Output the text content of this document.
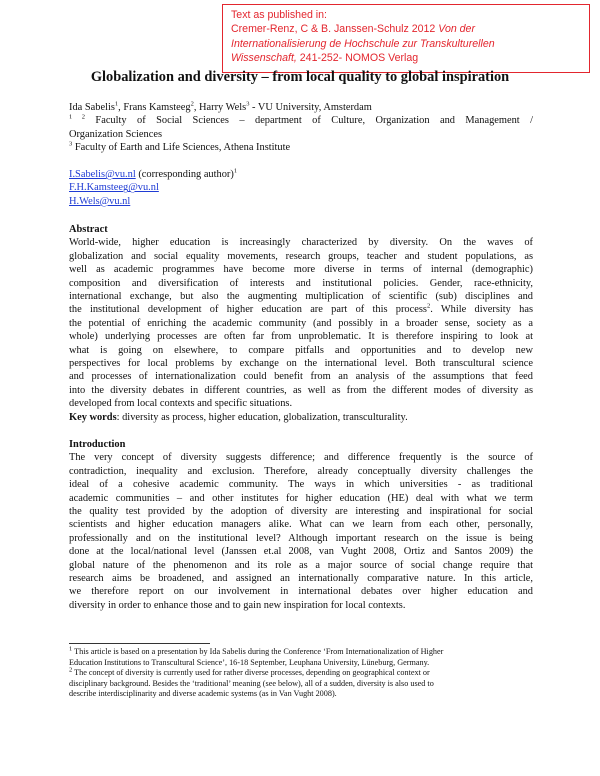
Text as published in:
Cremer-Renz, C & B. Janssen-Schulz 2012 Von der
Internationalisierung de Hochschule zur Transkulturellen
Wissenschaft, 241-252- NOMOS Verlag
Globalization and diversity – from local quality to global inspiration
Ida Sabelis$^1$, Frans Kamsteeg$^2$, Harry Wels$^3$ - VU University, Amsterdam
$^{1 2}$ Faculty of Social Sciences – department of Culture, Organization and Management /
Organization Sciences
$^3$ Faculty of Earth and Life Sciences, Athena Institute
I.Sabelis@vu.nl (corresponding author)$^1$
F.H.Kamsteeg@vu.nl
H.Wels@vu.nl
Abstract
World-wide, higher education is increasingly characterized by diversity. On the waves of
globalization and social equality movements, research groups, teacher and student populations, as
well as academic programmes have become more diverse in terms of internal (demographic)
composition and diversification of interests and institutional policies. Gender, race-ethnicity,
international exchange, but also the augmenting multiplication of scientific (sub) disciplines and
the institutional development of higher education are part of this process$^2$. While diversity has
the potential of enriching the academic community (and possibly in a broader sense, society as a
whole) underlying processes are often far from unproblematic. It is therefore inspiring to look at
what is going on elsewhere, to compare pitfalls and opportunities and to develop new
perspectives for local problems by exchange on the international level. Both transcultural science
and processes of internationalization could benefit from an analysis of the assumptions that feed
into the diversity debates in different countries, as well as from the different modes of diversity as
developed from local contexts and specific situations.
Key words: diversity as process, higher education, globalization, transculturality.
Introduction
The very concept of diversity suggests difference; and difference frequently is the source of
contradiction, inequality and exclusion. Therefore, already conceptually diversity challenges the
ideal of a cohesive academic community. The ways in which universities - as traditional
academic communities – and other institutes for higher education (HE) deal with what we term
the quality test provided by the adoption of diversity are interesting and inspirational for social
scientists and higher education managers alike. What can we learn from each other, personally,
professionally and on the institutional level? Although important research on the issue is being
done at the local/national level (Janssen et.al 2008, van Vught 2008, Ortiz and Santos 2009) the
global nature of the phenomenon and its role as a major source of social change require that
research aims be broadened, and assigned an internationally comparative nature. In this article,
we therefore report on our involvement in international debates over higher education and
diversity in order to enhance those and to gain new inspiration for local contexts.
$^1$ This article is based on a presentation by Ida Sabelis during the Conference ‘From Internationalization of Higher
Education Institutions to Transcultural Science’, 16-18 September, Leuphana University, Lüneburg, Germany.
$^2$ The concept of diversity is currently used for rather diverse processes, depending on geographical context or
disciplinary background. Besides the ‘traditional’ meaning (see below), all of a sudden, diversity is also used to
describe interdisciplinarity and diverse academic systems (as in Van Vught 2008).
